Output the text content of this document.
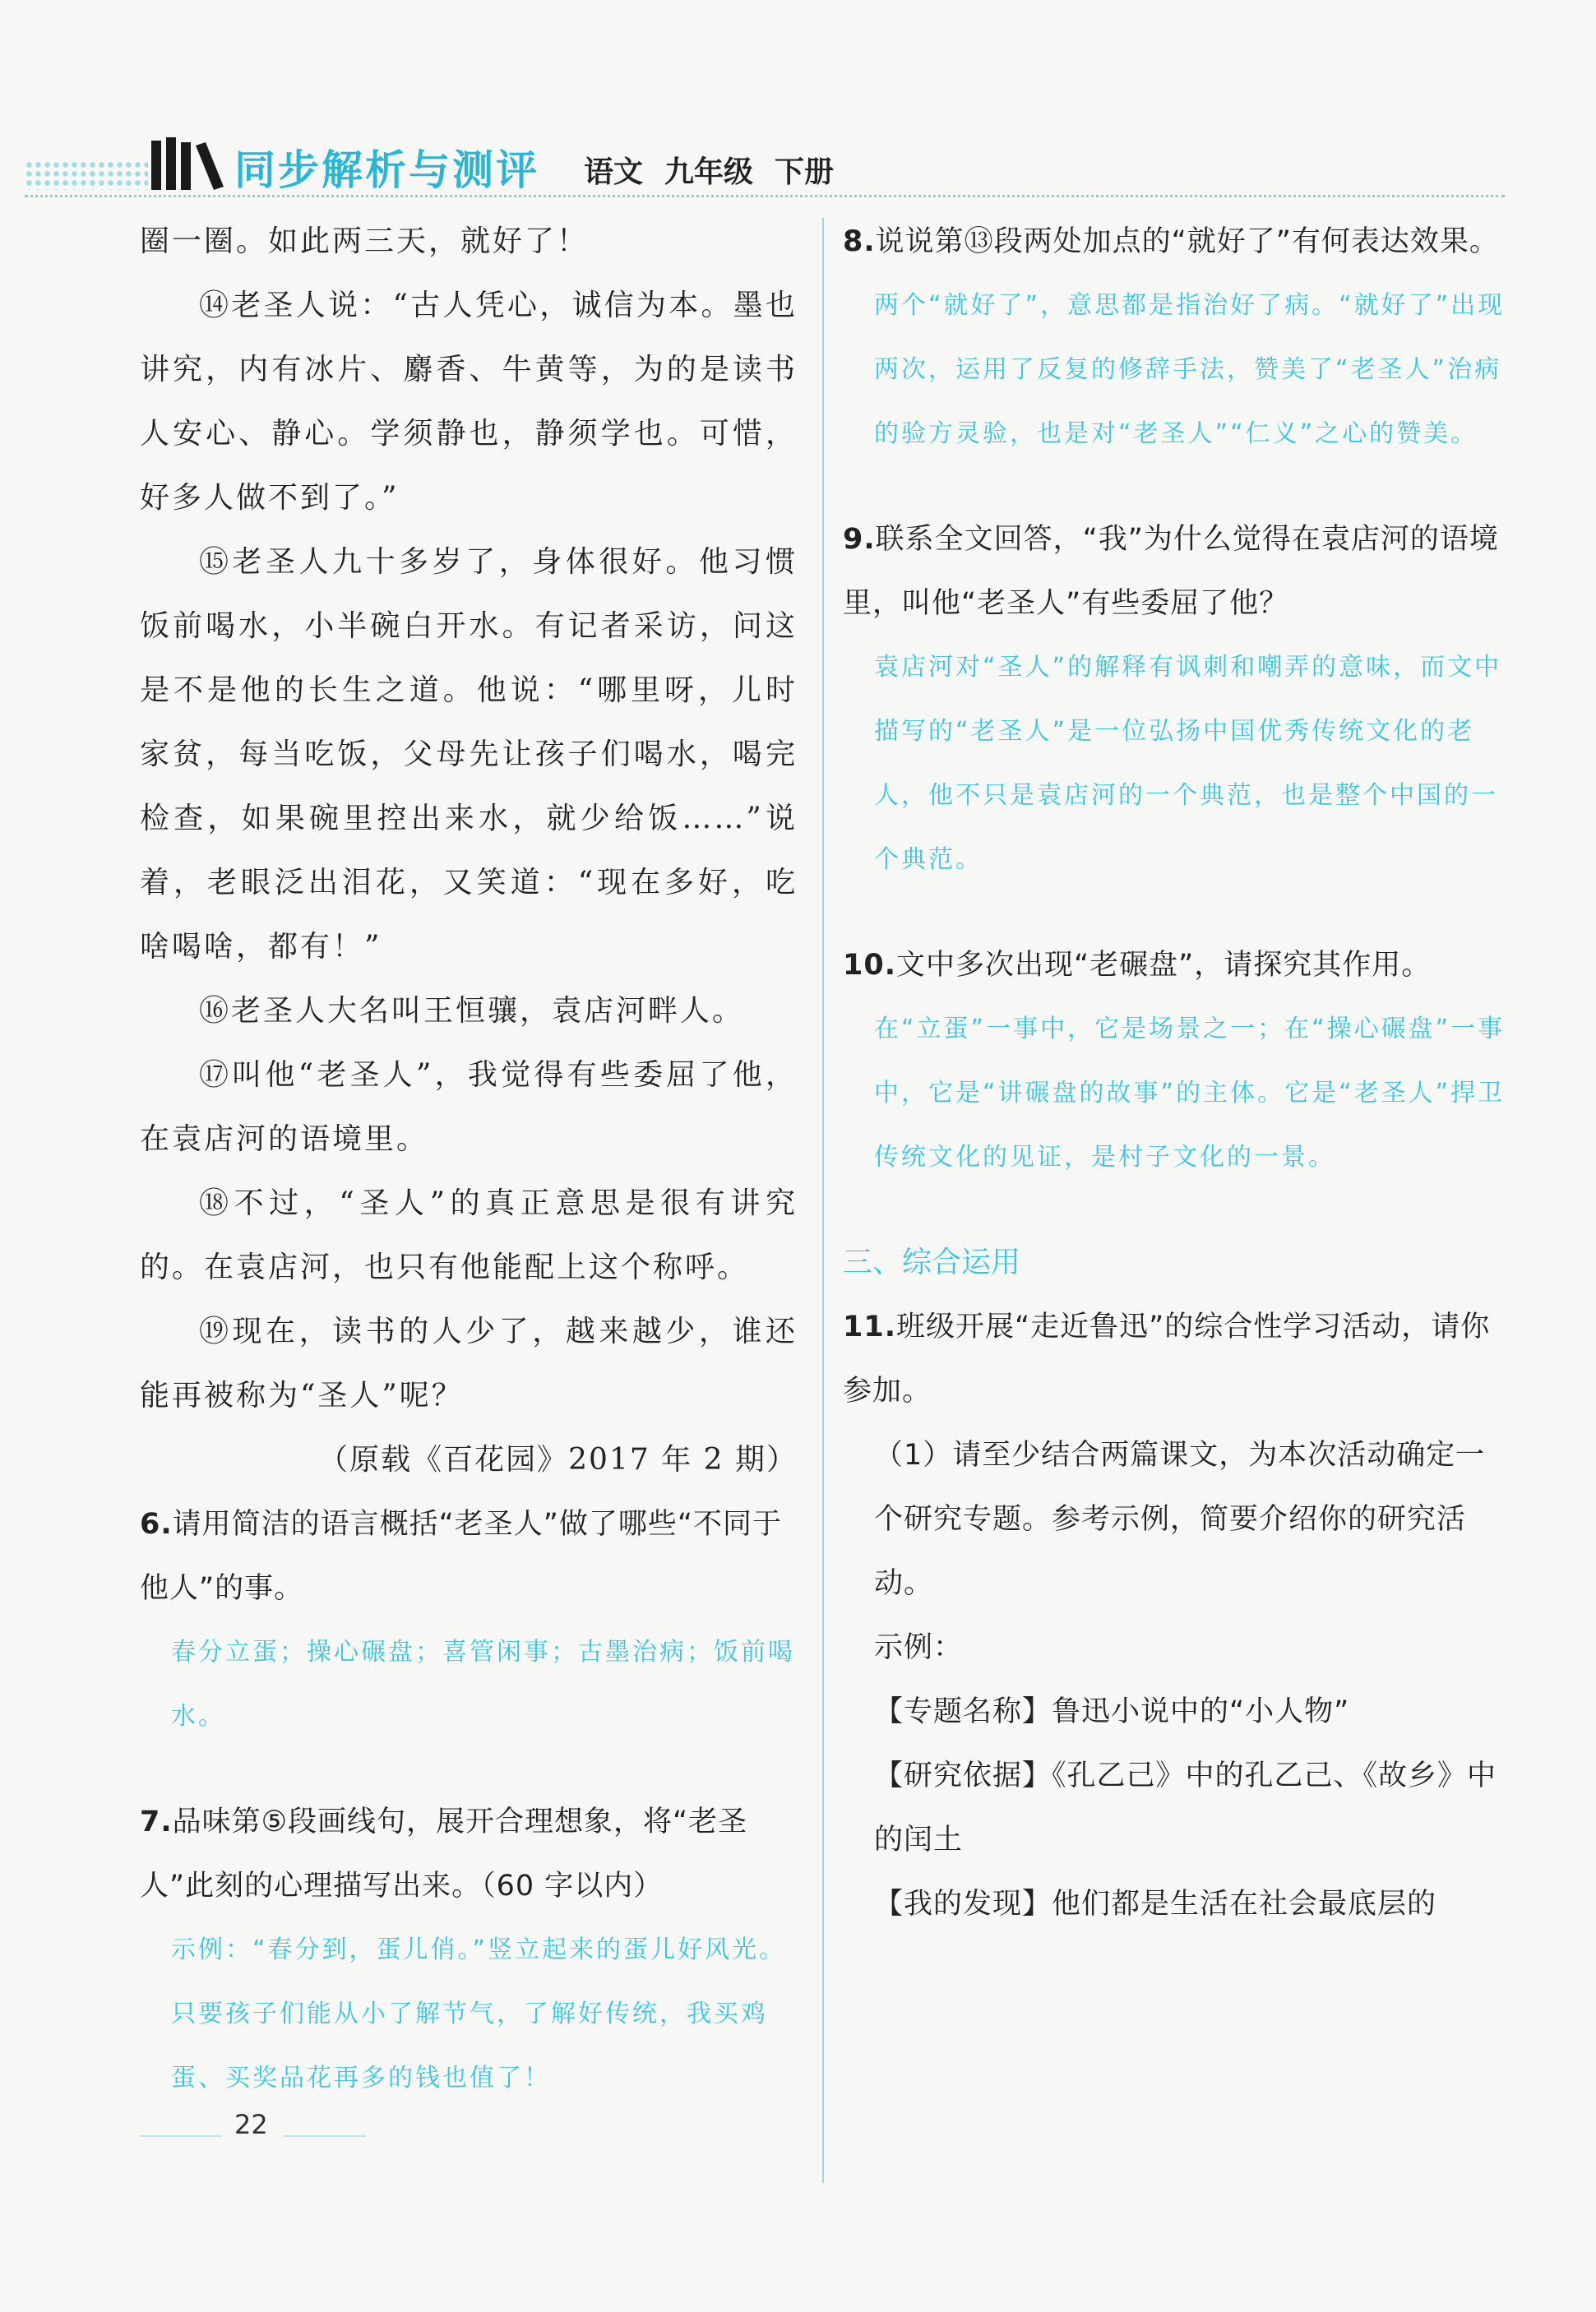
同步解析与测评 语文 九年级 下册
圈一圈。如此两三天，就好了！
⑭老圣人说：“古人凭心，诚信为本。墨也讲究，内有冰片、麝香、牛黄等，为的是读书人安心、静心。学须静也，静须学也。可惜，好多人做不到了。”
⑮老圣人九十多岁了，身体很好。他习惯饭前喝水，小半碗白开水。有记者采访，问这是不是他的长生之道。他说：“哪里呀，儿时家贫，每当吃饭，父母先让孩子们喝水，喝完检查，如果碗里控出来水，就少给饭……”说着，老眼泛出泪花，又笑道：“现在多好，吃啥喝啥，都有！”
⑯老圣人大名叫王恒骧，袁店河畔人。
⑰叫他“老圣人”，我觉得有些委屈了他，在袁店河的语境里。
⑱不过，“圣人”的真正意思是很有讲究的。在袁店河，也只有他能配上这个称呼。
⑲现在，读书的人少了，越来越少，谁还能再被称为“圣人”呢？
（原载《百花园》2017 年 2 期）
6.请用简洁的语言概括“老圣人”做了哪些“不同于他人”的事。
春分立蛋；操心碾盘；喜管闲事；古墨治病；饭前喝水。
7.品味第⑤段画线句，展开合理想象，将“老圣人”此刻的心理描写出来。（60 字以内）
示例：“春分到，蛋儿俏。”竖立起来的蛋儿好风光。只要孩子们能从小了解节气，了解好传统，我买鸡蛋、买奖品花再多的钱也值了！
8.说说第⑬段两处加点的“就好了”有何表达效果。
两个“就好了”，意思都是指治好了病。“就好了”出现两次，运用了反复的修辞手法，赞美了“老圣人”治病的验方灵验，也是对“老圣人”“仁义”之心的赞美。
9.联系全文回答，“我”为什么觉得在袁店河的语境里，叫他“老圣人”有些委屈了他？
袁店河对“圣人”的解释有讽刺和嘲弄的意味，而文中描写的“老圣人”是一位弘扬中国优秀传统文化的老人，他不只是袁店河的一个典范，也是整个中国的一个典范。
10.文中多次出现“老碾盘”，请探究其作用。
在“立蛋”一事中，它是场景之一；在“操心碾盘”一事中，它是“讲碾盘的故事”的主体。它是“老圣人”捍卫传统文化的见证，是村子文化的一景。
三、综合运用
11.班级开展“走近鲁迅”的综合性学习活动，请你参加。
（1）请至少结合两篇课文，为本次活动确定一个研究专题。参考示例，简要介绍你的研究活动。
示例：
【专题名称】鲁迅小说中的“小人物”
【研究依据】《孔乙己》中的孔乙己、《故乡》中的闰土
【我的发现】他们都是生活在社会最底层的
22
